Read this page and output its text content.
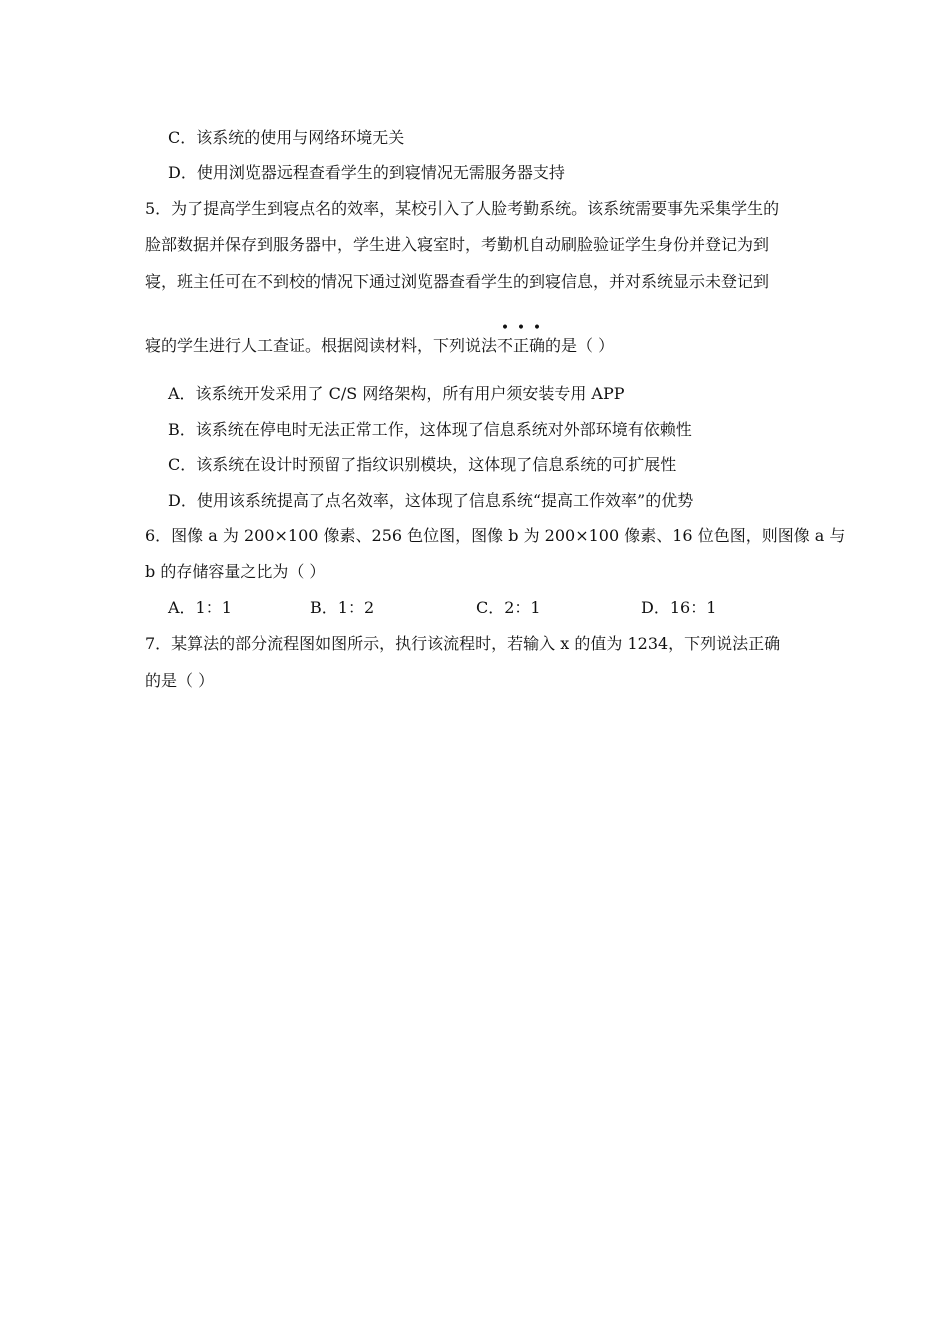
C．该系统的使用与网络环境无关
D．使用浏览器远程查看学生的到寝情况无需服务器支持
5．为了提高学生到寝点名的效率，某校引入了人脸考勤系统。该系统需要事先采集学生的
脸部数据并保存到服务器中，学生进入寝室时，考勤机自动刷脸验证学生身份并登记为到
寝，班主任可在不到校的情况下通过浏览器查看学生的到寝信息，并对系统显示未登记到
寝的学生进行人工查证。根据阅读材料，下列说法
• • •
不正确的是（ ）
A．该系统开发采用了 C/S 网络架构，所有用户须安装专用 APP
B．该系统在停电时无法正常工作，这体现了信息系统对外部环境有依赖性
C．该系统在设计时预留了指纹识别模块，这体现了信息系统的可扩展性
D．使用该系统提高了点名效率，这体现了信息系统“提高工作效率”的优势
6．图像 a 为 200×100 像素、256 色位图，图像 b 为 200×100 像素、16 位色图，则图像 a 与
b 的存储容量之比为（ ）
A．1：1	B．1：2	C．2：1	D．16：1
7．某算法的部分流程图如图所示，执行该流程时，若输入 x 的值为 1234，下列说法正确
的是（ ）
